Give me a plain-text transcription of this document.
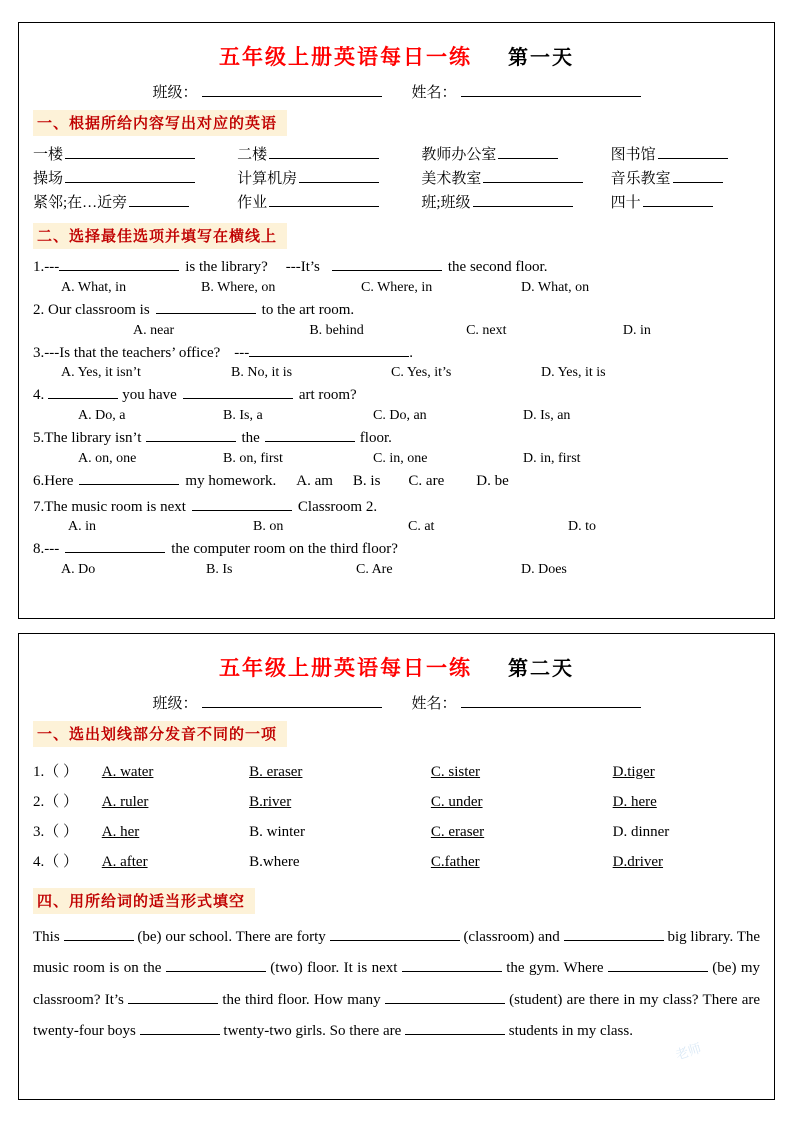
五年级上册英语每日一练 第一天
班级：	姓名：
一、根据所给内容写出对应的英语
一楼	二楼	教师办公室	图书馆
操场	计算机房	美术教室	音乐教室
紧邻;在…近旁	作业	班;班级	四十
二、选择最佳选项并填写在横线上
1.---	is the library?	---It’s	the second floor.
A. What, in	B. Where, on	C. Where, in	D. What, on
2. Our classroom is	to the art room.
A. near	B. behind	C. next	D. in
3.---Is that the teachers’ office? ---	.
A. Yes, it isn’t	B. No, it is	C. Yes, it’s	D. Yes, it is
4.	you have	art room?
A. Do, a	B. Is, a	C. Do, an	D. Is, an
5.The library isn’t	the	floor.
A. on, one	B. on, first	C. in, one	D. in, first
6.Here	my homework.	A. am	B. is	C. are	D. be
7.The music room is next	Classroom 2.
A. in	B. on	C. at	D. to
8.---	the computer room on the third floor?
A. Do	B. Is	C. Are	D. Does
五年级上册英语每日一练 第二天
班级：	姓名：
一、选出划线部分发音不同的一项
1.（ ）	A. water	B. eraser	C. sister	D.tiger
2.（ ）	A. ruler	B.river	C. under	D. here
3.（ ）	A. her	B. winter	C. eraser	D. dinner
4.（ ）	A. after	B.where	C.father	D.driver
四、用所给词的适当形式填空
This	(be) our school. There are forty	(classroom) and	big library. The music room is on the	(two) floor. It is next	the gym. Where	(be) my classroom? It’s	the third floor. How many	(student) are there in my class? There are twenty-four boys	twenty-two girls. So there are	students in my class.
老师
